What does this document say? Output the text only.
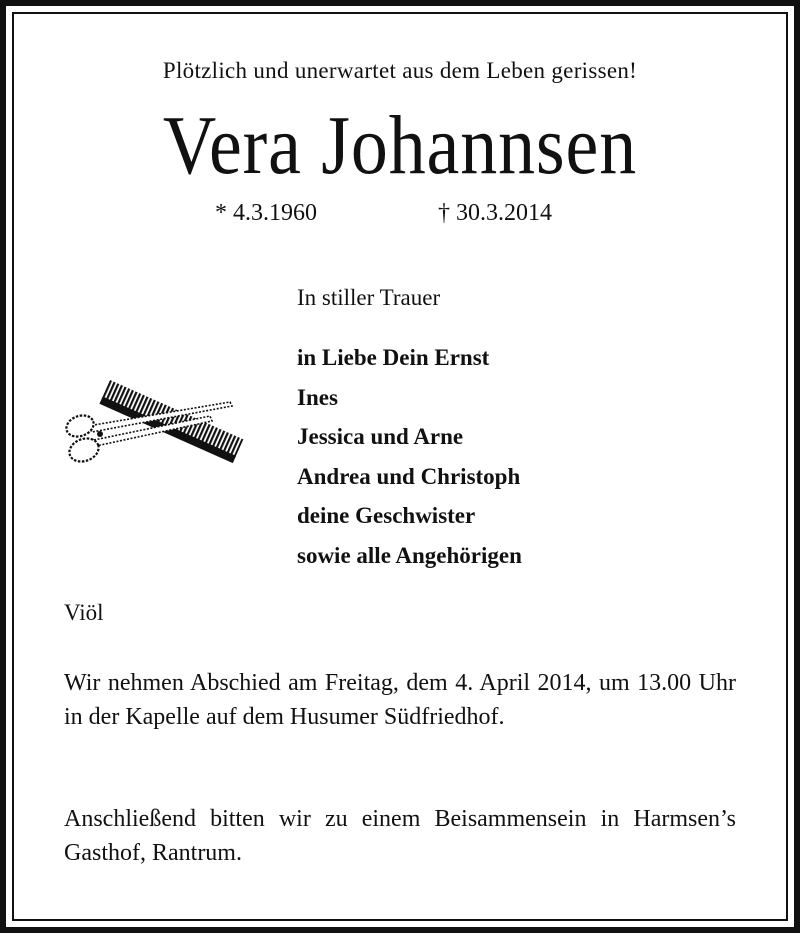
Plötzlich und unerwartet aus dem Leben gerissen!
Vera Johannsen
* 4.3.1960	† 30.3.2014
In stiller Trauer
in Liebe Dein Ernst
Ines
Jessica und Arne
Andrea und Christoph
deine Geschwister
sowie alle Angehörigen
Viöl

Wir nehmen Abschied am Freitag, dem 4. April 2014, um 13.00 Uhr in der Kapelle auf dem Husumer Südfriedhof.

Anschließend bitten wir zu einem Beisammensein in Harmsen’s Gasthof, Rantrum.
